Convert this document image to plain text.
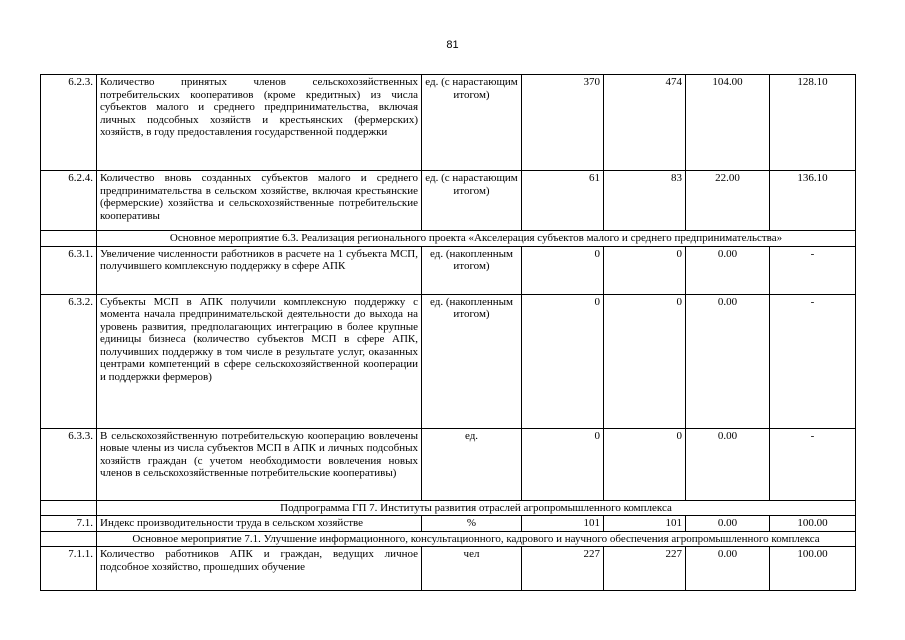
81
6.2.3.	Количество принятых членов сельскохозяйственных потребительских кооперативов (кроме кредитных) из числа субъектов малого и среднего предпринимательства, включая личных подсобных хозяйств и крестьянских (фермерских) хозяйств, в году предоставления государственной поддержки	ед. (с нарастающим итогом)	370	474	104.00	128.10
6.2.4.	Количество вновь созданных субъектов малого и среднего предпринимательства в сельском хозяйстве, включая крестьянские (фермерские) хозяйства и сельскохозяйственные потребительские кооперативы	ед. (с нарастающим итогом)	61	83	22.00	136.10
	Основное мероприятие 6.3. Реализация регионального проекта «Акселерация субъектов малого и среднего предпринимательства»					
6.3.1.	Увеличение численности работников в расчете на 1 субъекта МСП, получившего комплексную поддержку в сфере АПК	ед. (накопленным итогом)	0	0	0.00	-
6.3.2.	Субъекты МСП в АПК получили комплексную поддержку с момента начала предпринимательской деятельности до выхода на уровень развития, предполагающих интеграцию в более крупные единицы бизнеса (количество субъектов МСП в сфере АПК, получивших поддержку в том числе в результате услуг, оказанных центрами компетенций в сфере сельскохозяйственной кооперации и поддержки фермеров)	ед. (накопленным итогом)	0	0	0.00	-
6.3.3.	В сельскохозяйственную потребительскую кооперацию вовлечены новые члены из числа субъектов МСП в АПК и личных подсобных хозяйств граждан (с учетом необходимости вовлечения новых членов в сельскохозяйственные потребительские кооперативы)	ед.	0	0	0.00	-
	Подпрограмма ГП 7. Институты развития отраслей агропромышленного комплекса					
7.1.	Индекс производительности труда в сельском хозяйстве	%	101	101	0.00	100.00
	Основное мероприятие 7.1. Улучшение информационного, консультационного, кадрового и научного обеспечения агропромышленного комплекса					
7.1.1.	Количество работников АПК и граждан, ведущих личное подсобное хозяйство, прошедших обучение	чел	227	227	0.00	100.00
